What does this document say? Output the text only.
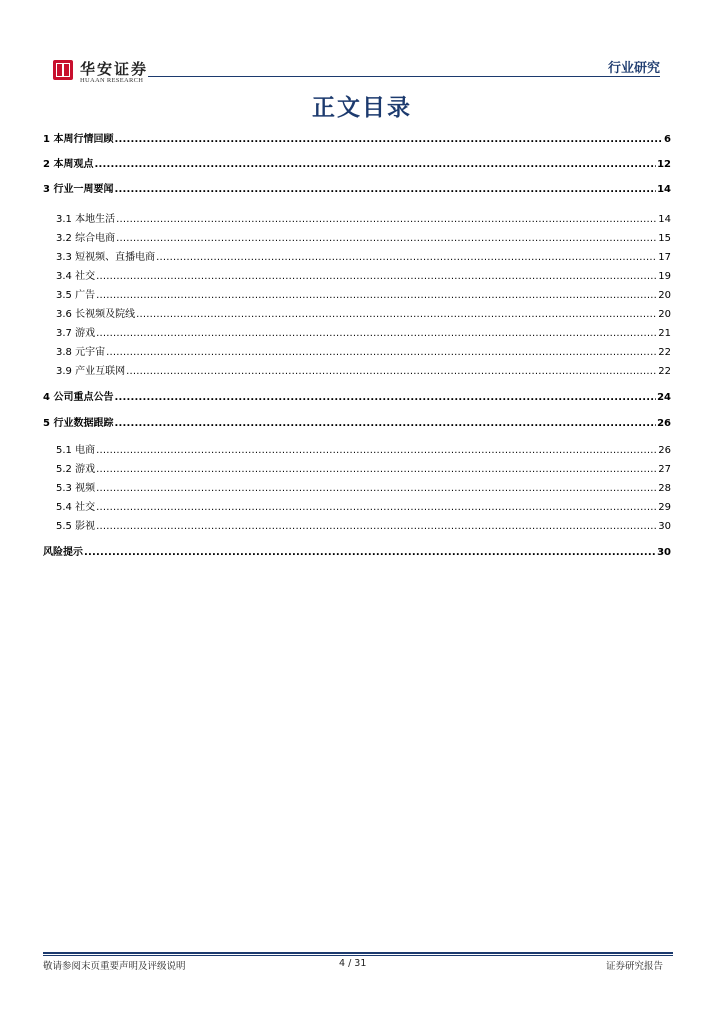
华安证券
HUAAN RESEARCH
行业研究
正文目录
1 本周行情回顾 .....	6
2 本周观点 .....	12
3 行业一周要闻 .....	14
3.1 本地生活 .....	14
3.2 综合电商 .....	15
3.3 短视频、直播电商 .....	17
3.4 社交 .....	19
3.5 广告 .....	20
3.6 长视频及院线 .....	20
3.7 游戏 .....	21
3.8 元宇宙 .....	22
3.9 产业互联网 .....	22
4 公司重点公告 .....	24
5 行业数据跟踪 .....	26
5.1 电商 .....	26
5.2 游戏 .....	27
5.3 视频 .....	28
5.4 社交 .....	29
5.5 影视 .....	30
风险提示 .....	30
敬请参阅末页重要声明及评级说明	4 / 31	证券研究报告
